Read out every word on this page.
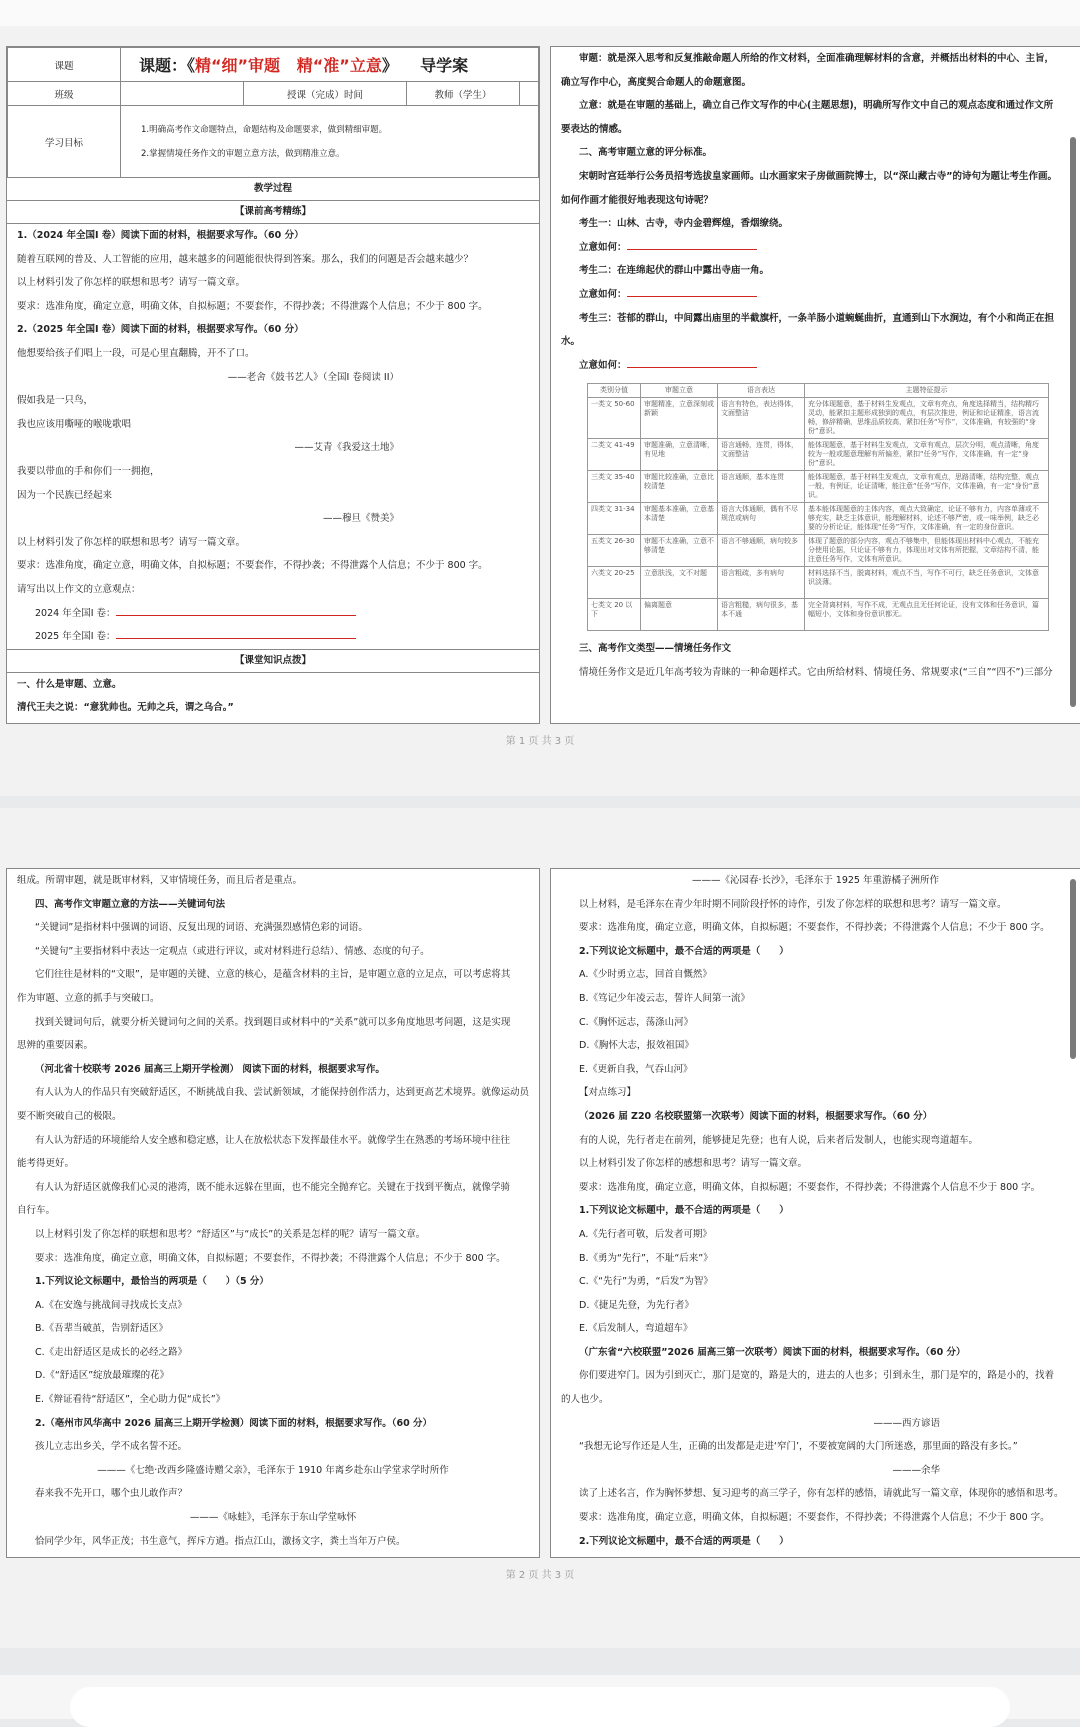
课题	课题：《精“细”审题 精“准”立意》 导学案			
班级		授课（完成）时间	教师（学生）	
学习目标	1.明确高考作文命题特点，命题结构及命题要求，做到精细审题。
2.掌握情境任务作文的审题立意方法，做到精准立意。			
教学过程
【课前高考精练】
1.（2024 年全国Ⅰ 卷）阅读下面的材料，根据要求写作。（60 分）
随着互联网的普及、人工智能的应用，越来越多的问题能很快得到答案。那么，我们的问题是否会越来越少？
以上材料引发了你怎样的联想和思考？请写一篇文章。
要求：选准角度，确定立意，明确文体，自拟标题；不要套作，不得抄袭；不得泄露个人信息；不少于 800 字。
2.（2025 年全国Ⅰ 卷）阅读下面的材料，根据要求写作。（60 分）
他想要给孩子们唱上一段，可是心里直翻腾，开不了口。
——老舍《鼓书艺人》（全国Ⅰ 卷阅读 II）
假如我是一只鸟，
我也应该用嘶哑的喉咙歌唱
——艾青《我爱这土地》
我要以带血的手和你们一一拥抱，
因为一个民族已经起来
——穆旦《赞美》
以上材料引发了你怎样的联想和思考？请写一篇文章。
要求：选准角度，确定立意，明确文体，自拟标题；不要套作，不得抄袭；不得泄露个人信息；不少于 800 字。
请写出以上作文的立意观点：
2024 年全国Ⅰ 卷：
2025 年全国Ⅰ 卷：
【课堂知识点拨】
一、什么是审题、立意。
清代王夫之说：“意犹帅也。无帅之兵，谓之乌合。”
审题：就是深入思考和反复推敲命题人所给的作文材料，全面准确理解材料的含意，并概括出材料的中心、主旨，
确立写作中心，高度契合命题人的命题意图。
立意：就是在审题的基础上，确立自己作文写作的中心(主题思想)，明确所写作文中自己的观点态度和通过作文所
要表达的情感。
二、高考审题立意的评分标准。
宋朝时宫廷举行公务员招考选拔皇家画师。山水画家宋子房做画院博士，以“深山藏古寺”的诗句为题让考生作画。
如何作画才能很好地表现这句诗呢？
考生一：山林、古寺，寺内金碧辉煌，香烟缭绕。
立意如何：
考生二：在连绵起伏的群山中露出寺庙一角。
立意如何：
考生三：苍郁的群山，中间露出庙里的半截旗杆，一条羊肠小道蜿蜒曲折，直通到山下水涧边，有个小和尚正在担
水。
立意如何：
类别分值	审题立意	语言表达	主题特征提示
一类文 50-60	审题精准，立意深刻或新颖	语言有特色，表达得体，文面整洁	充分体现题意，基于材料生发观点，文章有亮点，角度选择精当，结构精巧灵动，能紧扣主题形成独到的观点，有层次推进，例证和论证精准，语言流畅，修辞精确，思维品质较高，紧扣任务“写作”，文体准确，有较强的“身份”意识。
二类文 41-49	审题准确，立意清晰，有见地	语言通畅，连贯，得体，文面整洁	能体现题意，基于材料生发观点，文章有观点，层次分明，观点清晰，角度较为一般或题意理解有所偏差，紧扣“任务”写作，文体准确，有一定“身份”意识。
三类文 35-40	审题比较准确，立意比较清楚	语言通顺，基本连贯	能体现题意，基于材料生发观点，文章有观点，思路清晰，结构完整，观点一般，有例证，论证清晰，能注意“任务”写作，文体准确，有一定“身份”意识。
四类文 31-34	审题基本准确，立意基本清楚	语言大体通顺，偶有不尽规范或病句	基本能体现题意的主体内容，观点大致确定，论证不够有力，内容单薄或不够充实，缺乏主体意识，能理解材料，论述不够严密，或一味举例，缺乏必要的分析论证，能体现“任务”写作，文体准确，有一定的身份意识。
五类文 26-30	审题不太准确，立意不够清楚	语言不够通顺，病句较多	体现了题意的部分内容，观点不够集中，但能体现出材料中心观点，不能充分使用论据，只论证不够有力，体现出对文体有所把握，文章结构不清，能注意任务写作，文体有所意识。
六类文 20-25	立意肤浅，文不对题	语言粗疏，多有病句	材料选择不当，脱离材料，观点不当，写作不可行，缺乏任务意识，文体意识淡薄。
七类文 20 以下	偏离题意	语言粗糙，病句很多，基本不通	完全背离材料，写作不成，无观点且无任何论证，没有文体和任务意识，篇幅短小，文体和身份意识都无。
三、高考作文类型——情境任务作文
情境任务作文是近几年高考较为青睐的一种命题样式。它由所给材料、情境任务、常规要求(“三自”“四不”)三部分
第 1 页 共 3 页
组成。所谓审题，就是既审材料，又审情境任务，而且后者是重点。
四、高考作文审题立意的方法——关键词句法
“关键词”是指材料中强调的词语、反复出现的词语、充满强烈感情色彩的词语。
“关键句”主要指材料中表达一定观点（或进行评议，或对材料进行总结）、情感、态度的句子。
它们往往是材料的“文眼”，是审题的关键、立意的核心，是蕴含材料的主旨，是审题立意的立足点，可以考虑将其
作为审题、立意的抓手与突破口。
找到关键词句后，就要分析关键词句之间的关系。找到题目或材料中的“关系”就可以多角度地思考问题，这是实现
思辨的重要因素。
（河北省十校联考 2026 届高三上期开学检测） 阅读下面的材料，根据要求写作。
有人认为人的作品只有突破舒适区，不断挑战自我、尝试新领域，才能保持创作活力，达到更高艺术境界。就像运动员
要不断突破自己的极限。
有人认为舒适的环境能给人安全感和稳定感，让人在放松状态下发挥最佳水平。就像学生在熟悉的考场环境中往往
能考得更好。
有人认为舒适区就像我们心灵的港湾，既不能永远躲在里面，也不能完全抛弃它。关键在于找到平衡点，就像学骑
自行车。
以上材料引发了你怎样的联想和思考？“舒适区”与“成长”的关系是怎样的呢？请写一篇文章。
要求：选准角度，确定立意，明确文体，自拟标题；不要套作，不得抄袭；不得泄露个人信息；不少于 800 字。
1.下列议论文标题中，最恰当的两项是（　　）（5 分）
A.《在安逸与挑战间寻找成长支点》
B.《吾辈当破茧，告别舒适区》
C.《走出舒适区是成长的必经之路》
D.《“舒适区”绽放最璀璨的花》
E.《辩证看待“舒适区”，全心助力促“成长”》
2.（亳州市风华高中 2026 届高三上期开学检测）阅读下面的材料，根据要求写作。（60 分）
孩儿立志出乡关，学不成名誓不还。
———《七绝·改西乡隆盛诗赠父亲》，毛泽东于 1910 年离乡赴东山学堂求学时所作
春来我不先开口，哪个虫儿敢作声？
———《咏蛙》，毛泽东于东山学堂咏怀
恰同学少年，风华正茂；书生意气，挥斥方遒。指点江山，激扬文字，粪土当年万户侯。
———《沁园春·长沙》，毛泽东于 1925 年重游橘子洲所作
以上材料，是毛泽东在青少年时期不同阶段抒怀的诗作，引发了你怎样的联想和思考？请写一篇文章。
要求：选准角度，确定立意，明确文体，自拟标题；不要套作，不得抄袭；不得泄露个人信息；不少于 800 字。
2.下列议论文标题中，最不合适的两项是（　　）
A.《少时勇立志，回首自慨然》
B.《笃记少年凌云志，誓许人间第一流》
C.《胸怀远志，荡涤山河》
D.《胸怀大志，报效祖国》
E.《更新自我，气吞山河》
【对点练习】
（2026 届 Z20 名校联盟第一次联考）阅读下面的材料，根据要求写作。（60 分）
有的人说，先行者走在前列，能够捷足先登；也有人说，后来者后发制人，也能实现弯道超车。
以上材料引发了你怎样的感想和思考？请写一篇文章。
要求：选准角度，确定立意，明确文体，自拟标题；不要套作，不得抄袭；不得泄露个人信息不少于 800 字。
1.下列议论文标题中，最不合适的两项是（　　）
A.《先行者可敬，后发者可期》
B.《勇为“先行”，不耻“后来”》
C.《“先行”为勇，“后发”为智》
D.《捷足先登，为先行者》
E.《后发制人，弯道超车》
（广东省“六校联盟”2026 届高三第一次联考）阅读下面的材料，根据要求写作。（60 分）
你们要进窄门。因为引到灭亡，那门是宽的，路是大的，进去的人也多；引到永生，那门是窄的，路是小的，找着
的人也少。
———西方谚语
“我想无论写作还是人生，正确的出发都是走进‘窄门’，不要被宽阔的大门所迷惑，那里面的路没有多长。”
———余华
读了上述名言，作为胸怀梦想、复习迎考的高三学子，你有怎样的感悟，请就此写一篇文章，体现你的感悟和思考。
要求：选准角度，确定立意，明确文体，自拟标题；不要套作，不得抄袭；不得泄露个人信息；不少于 800 字。
2.下列议论文标题中，最不合适的两项是（　　）
第 2 页 共 3 页
